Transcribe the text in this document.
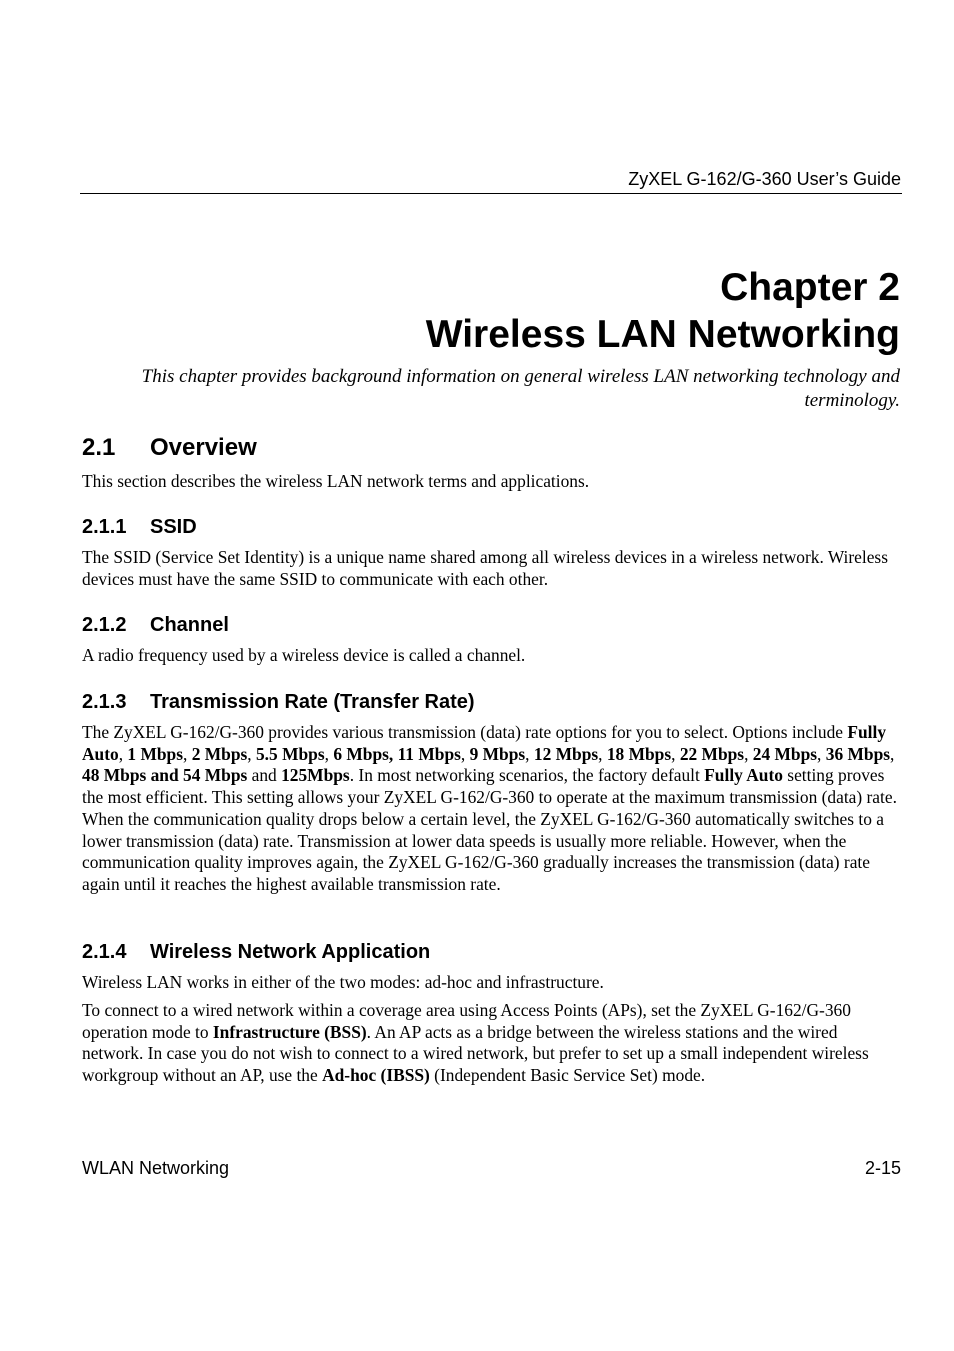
ZyXEL G-162/G-360 User’s Guide
Chapter 2
Wireless LAN Networking

This chapter provides background information on general wireless LAN networking technology and terminology.

2.1 Overview

This section describes the wireless LAN network terms and applications.

2.1.1 SSID

The SSID (Service Set Identity) is a unique name shared among all wireless devices in a wireless network. Wireless devices must have the same SSID to communicate with each other.

2.1.2 Channel

A radio frequency used by a wireless device is called a channel.

2.1.3 Transmission Rate (Transfer Rate)

The ZyXEL G-162/G-360 provides various transmission (data) rate options for you to select. Options include Fully Auto, 1 Mbps, 2 Mbps, 5.5 Mbps, 6 Mbps, 11 Mbps, 9 Mbps, 12 Mbps, 18 Mbps, 22 Mbps, 24 Mbps, 36 Mbps, 48 Mbps and 54 Mbps and 125Mbps. In most networking scenarios, the factory default Fully Auto setting proves the most efficient. This setting allows your ZyXEL G-162/G-360 to operate at the maximum transmission (data) rate. When the communication quality drops below a certain level, the ZyXEL G-162/G-360 automatically switches to a lower transmission (data) rate. Transmission at lower data speeds is usually more reliable. However, when the communication quality improves again, the ZyXEL G-162/G-360 gradually increases the transmission (data) rate again until it reaches the highest available transmission rate.

2.1.4 Wireless Network Application

Wireless LAN works in either of the two modes: ad-hoc and infrastructure.

To connect to a wired network within a coverage area using Access Points (APs), set the ZyXEL G-162/G-360 operation mode to Infrastructure (BSS). An AP acts as a bridge between the wireless stations and the wired network. In case you do not wish to connect to a wired network, but prefer to set up a small independent wireless workgroup without an AP, use the Ad-hoc (IBSS) (Independent Basic Service Set) mode.

WLAN Networking	2-15
